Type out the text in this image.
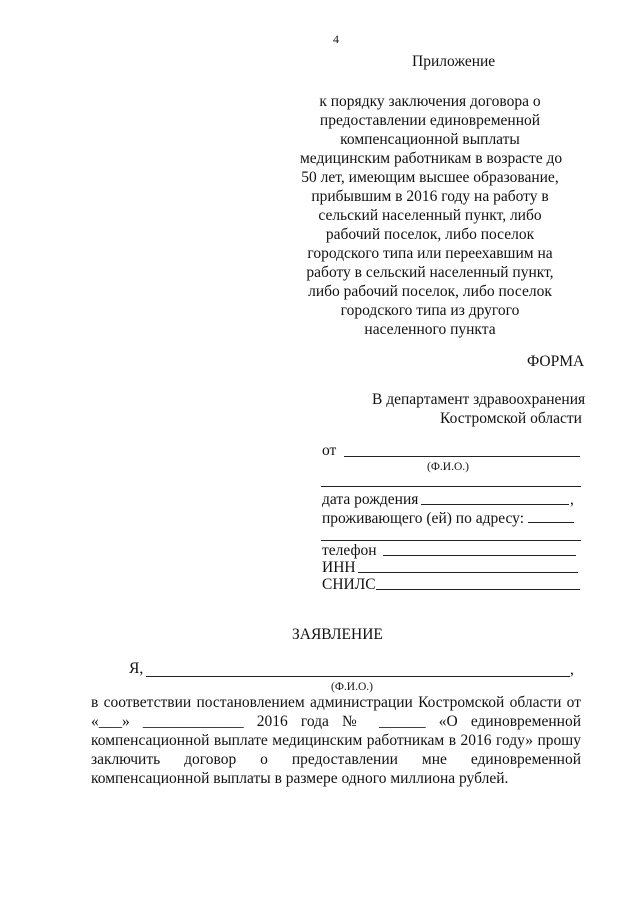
4
Приложение
к порядку заключения договора о
предоставлении единовременной
компенсационной выплаты
медицинским работникам в возрасте до
50 лет, имеющим высшее образование,
прибывшим в 2016 году на работу в
сельский населенный пункт, либо
рабочий поселок, либо поселок
городского типа или переехавшим на
работу в сельский населенный пункт,
либо рабочий поселок, либо поселок
городского типа из другого
населенного пункта
ФОРМА
В департамент здравоохранения
Костромской области
от
(Ф.И.О.)
дата рождения	,
проживающего (ей) по адресу:
телефон
ИНН
СНИЛС
ЗАЯВЛЕНИЕ
Я,	,
(Ф.И.О.)
в соответствии постановлением администрации Костромской области от
«___» _____________ 2016 года № ______ «О единовременной
компенсационной выплате медицинским работникам в 2016 году» прошу
заключить договор о предоставлении мне единовременной
компенсационной выплаты в размере одного миллиона рублей.
